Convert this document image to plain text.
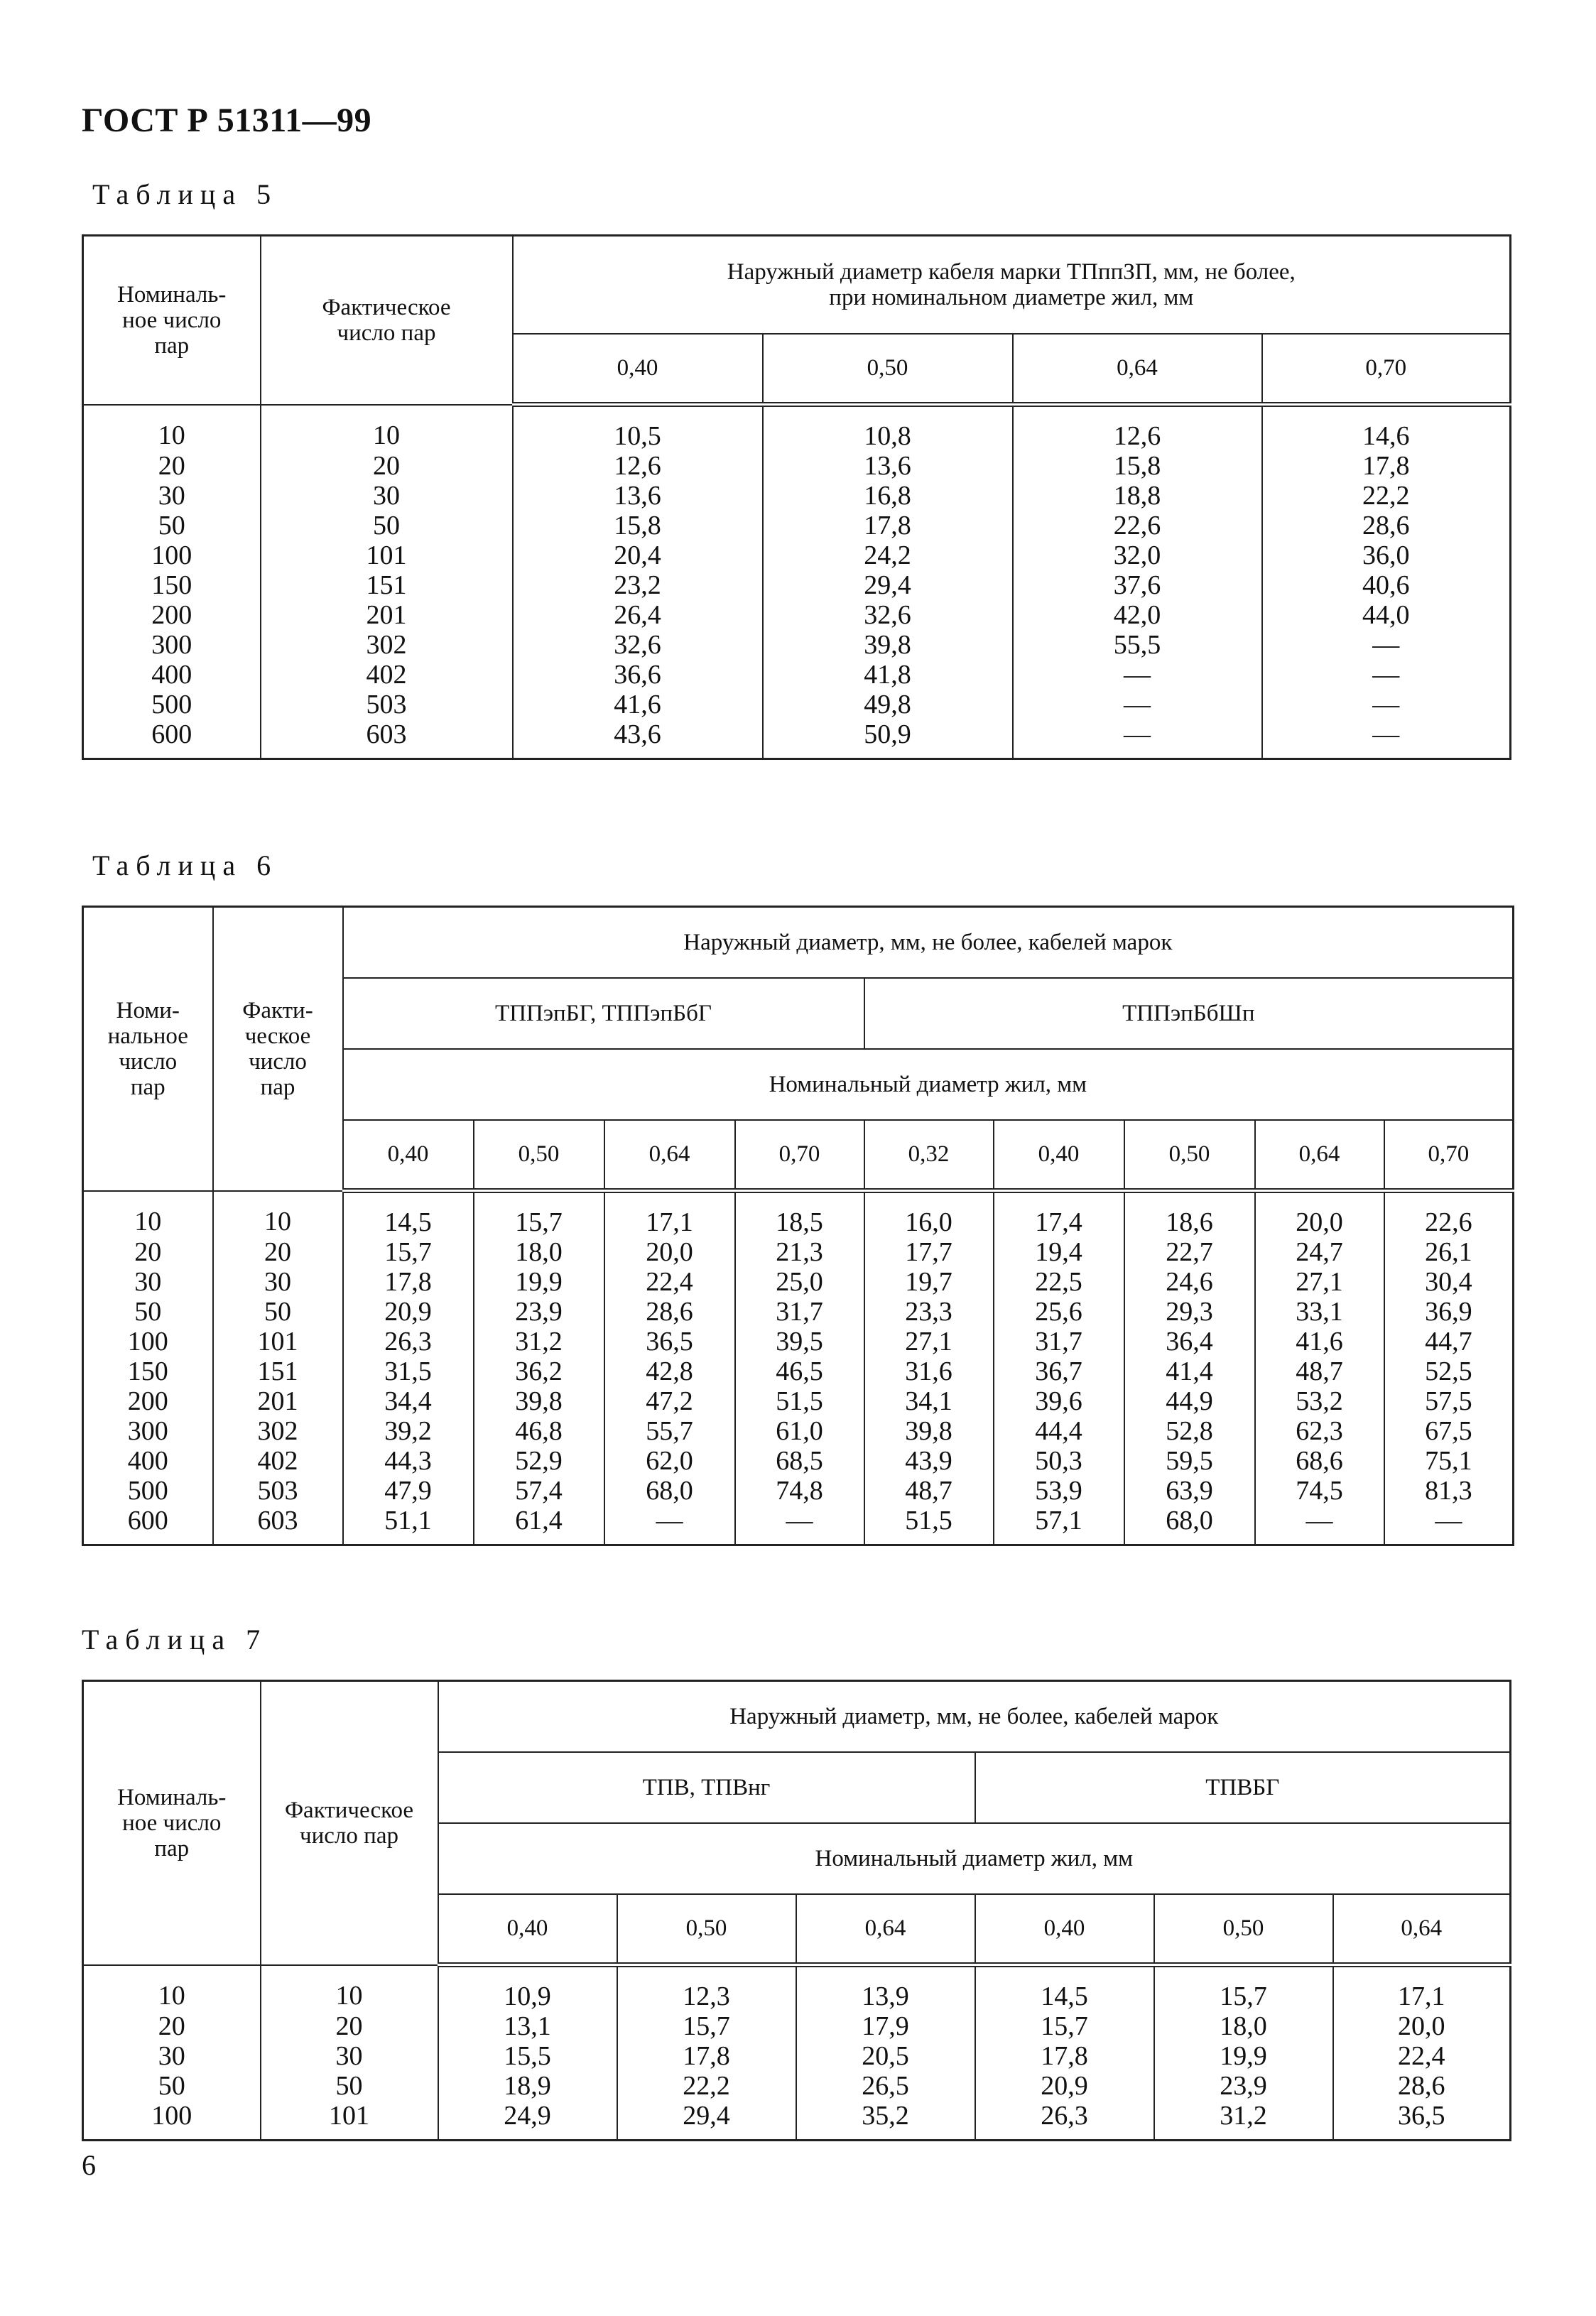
ГОСТ Р 51311—99
Таблица 5
Номиналь-
ное число
пар	Фактическое
число пар	Наружный диаметр кабеля марки ТПппЗП, мм, не более,
при номинальном диаметре жил, мм			
		0,40	0,50	0,64	0,70
10	10	10,5	10,8	12,6	14,6
20	20	12,6	13,6	15,8	17,8
30	30	13,6	16,8	18,8	22,2
50	50	15,8	17,8	22,6	28,6
100	101	20,4	24,2	32,0	36,0
150	151	23,2	29,4	37,6	40,6
200	201	26,4	32,6	42,0	44,0
300	302	32,6	39,8	55,5	—
400	402	36,6	41,8	—	—
500	503	41,6	49,8	—	—
600	603	43,6	50,9	—	—
Таблица 6
Номи-
нальное
число
пар	Факти-
ческое
число
пар	Наружный диаметр, мм, не более, кабелей марок								
		ТППэпБГ, ТППэпБбГ				ТППэпБбШп				
		Номинальный диаметр жил, мм								
		0,40	0,50	0,64	0,70	0,32	0,40	0,50	0,64	0,70
10	10	14,5	15,7	17,1	18,5	16,0	17,4	18,6	20,0	22,6
20	20	15,7	18,0	20,0	21,3	17,7	19,4	22,7	24,7	26,1
30	30	17,8	19,9	22,4	25,0	19,7	22,5	24,6	27,1	30,4
50	50	20,9	23,9	28,6	31,7	23,3	25,6	29,3	33,1	36,9
100	101	26,3	31,2	36,5	39,5	27,1	31,7	36,4	41,6	44,7
150	151	31,5	36,2	42,8	46,5	31,6	36,7	41,4	48,7	52,5
200	201	34,4	39,8	47,2	51,5	34,1	39,6	44,9	53,2	57,5
300	302	39,2	46,8	55,7	61,0	39,8	44,4	52,8	62,3	67,5
400	402	44,3	52,9	62,0	68,5	43,9	50,3	59,5	68,6	75,1
500	503	47,9	57,4	68,0	74,8	48,7	53,9	63,9	74,5	81,3
600	603	51,1	61,4	—	—	51,5	57,1	68,0	—	—
Таблица 7
Номиналь-
ное число
пар	Фактическое
число пар	Наружный диаметр, мм, не более, кабелей марок					
		ТПВ, ТПВнг			ТПВБГ		
		Номинальный диаметр жил, мм					
		0,40	0,50	0,64	0,40	0,50	0,64
10	10	10,9	12,3	13,9	14,5	15,7	17,1
20	20	13,1	15,7	17,9	15,7	18,0	20,0
30	30	15,5	17,8	20,5	17,8	19,9	22,4
50	50	18,9	22,2	26,5	20,9	23,9	28,6
100	101	24,9	29,4	35,2	26,3	31,2	36,5
6
